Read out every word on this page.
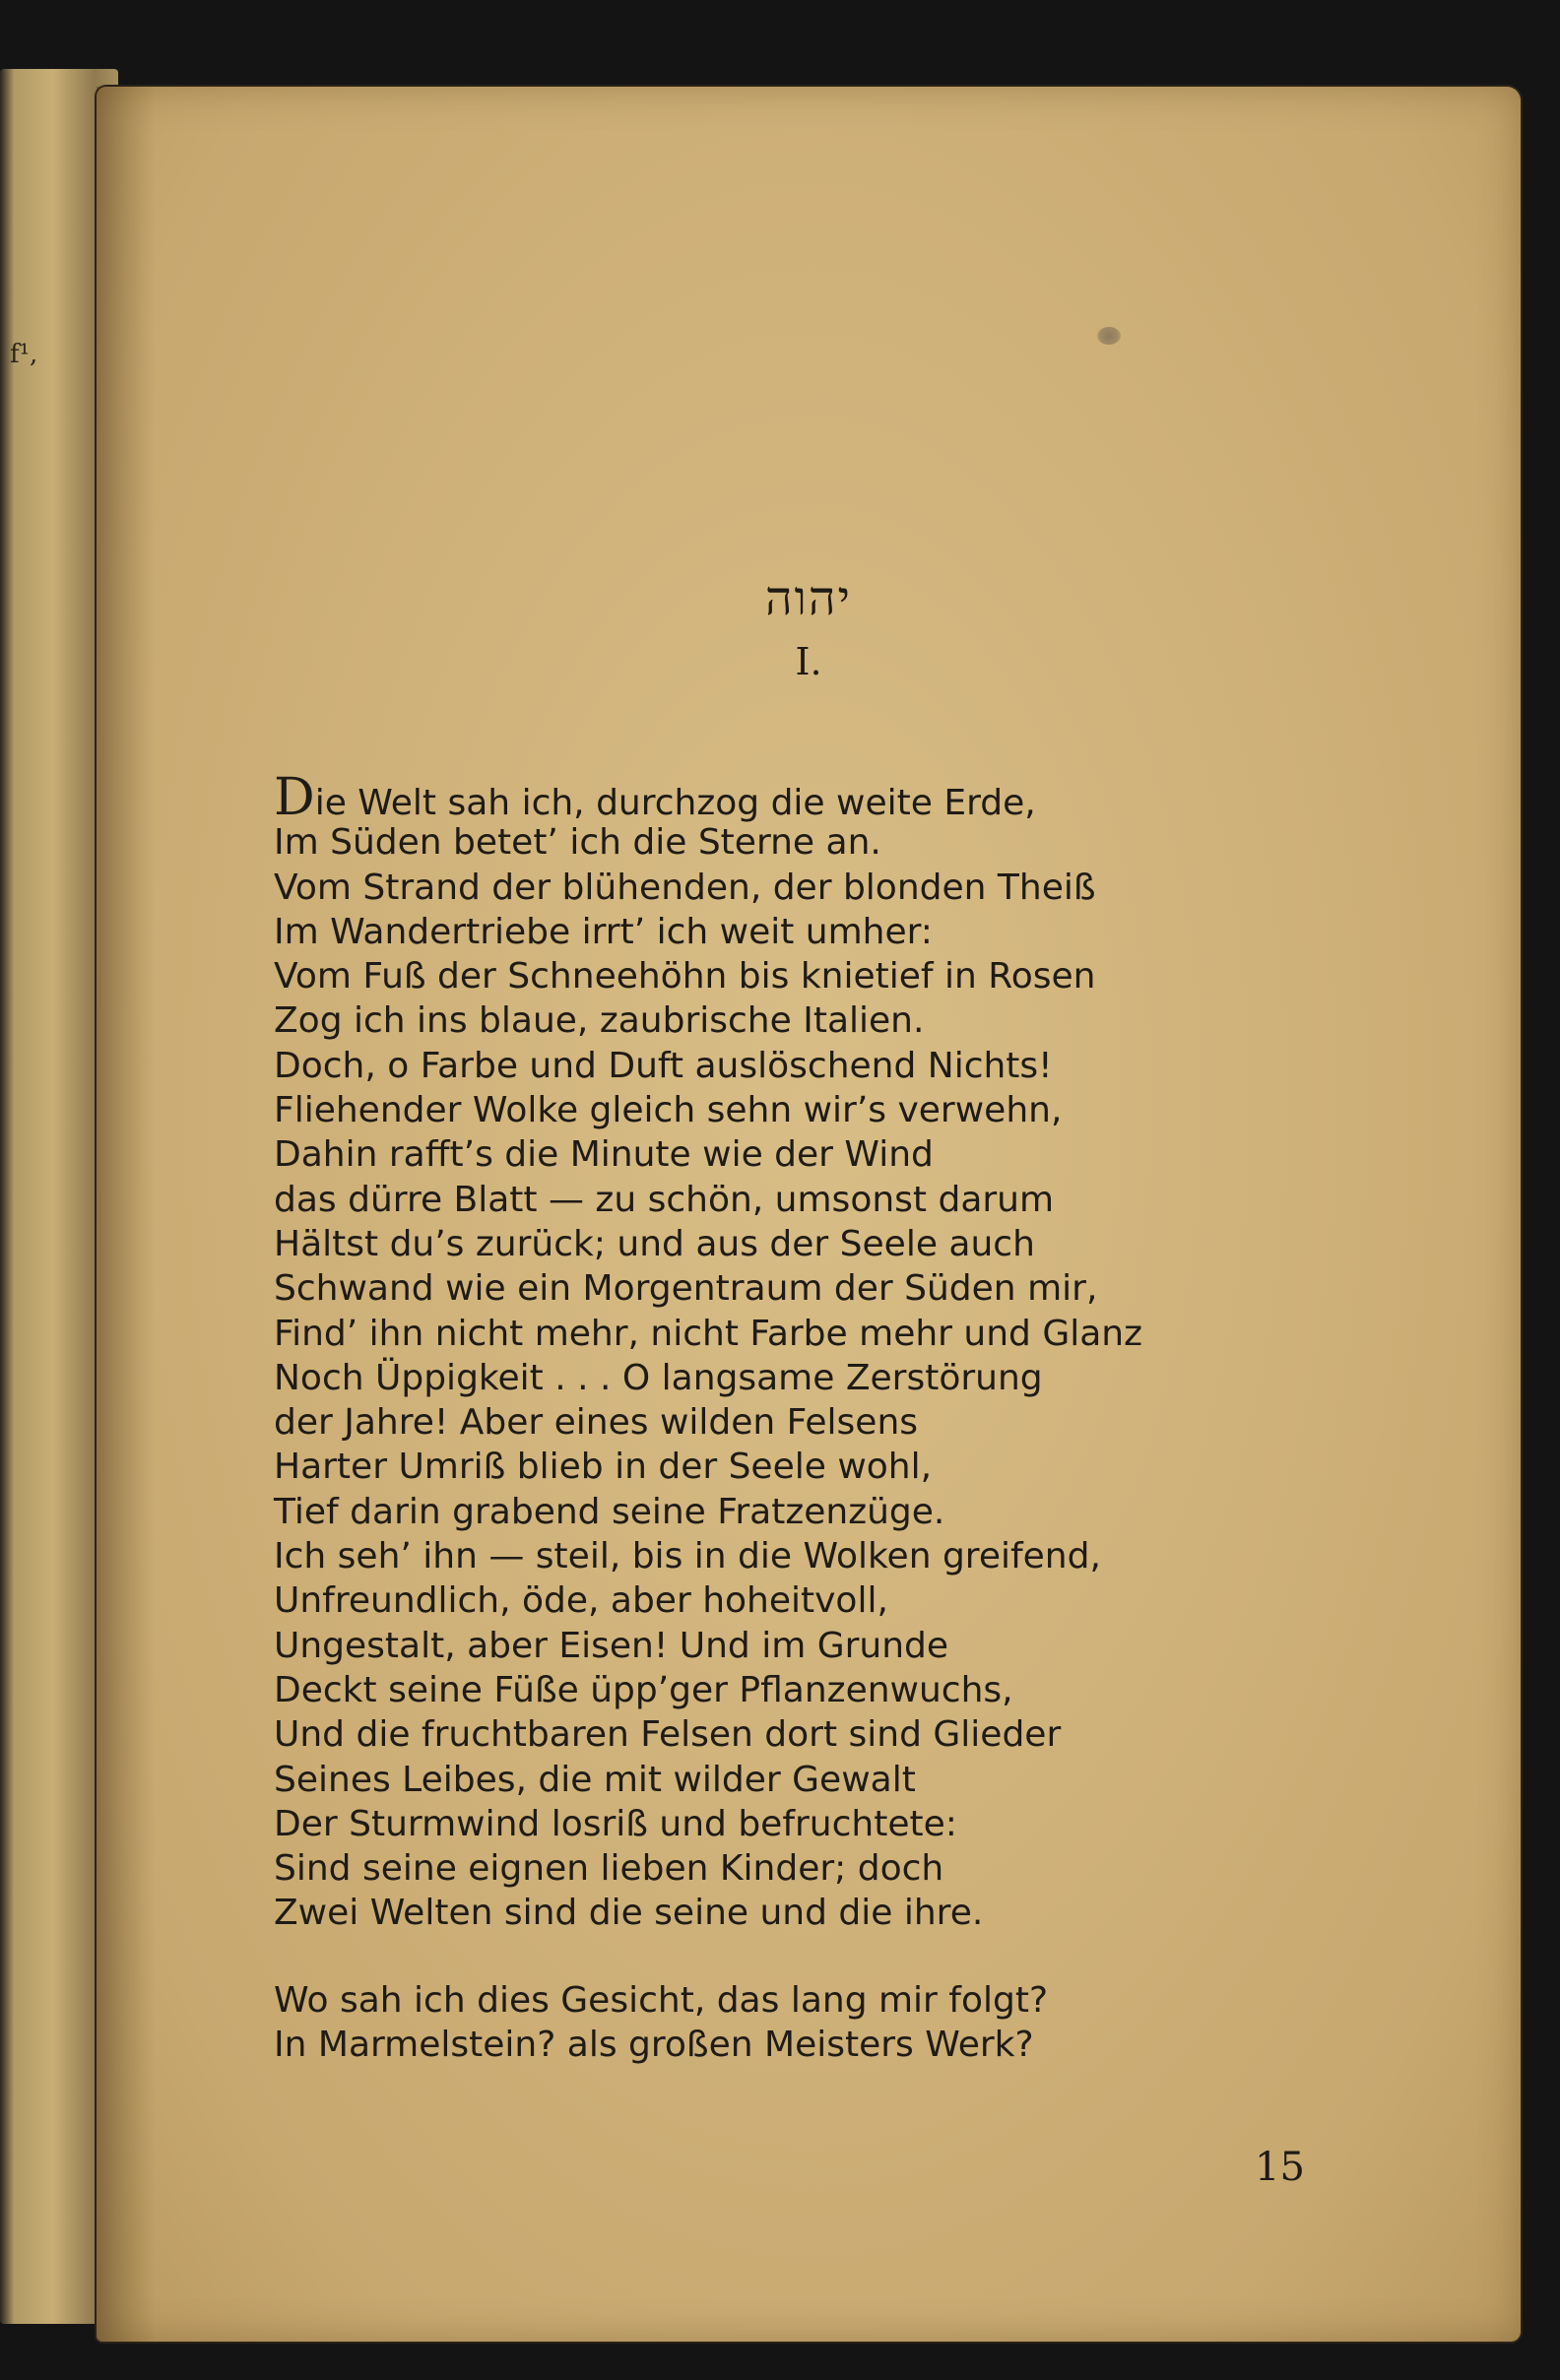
f¹,
יהוה
I.
Die Welt sah ich, durchzog die weite Erde,
Im Süden betet’ ich die Sterne an.
Vom Strand der blühenden, der blonden Theiß
Im Wandertriebe irrt’ ich weit umher:
Vom Fuß der Schneehöhn bis knietief in Rosen
Zog ich ins blaue, zaubrische Italien.
Doch, o Farbe und Duft auslöschend Nichts!
Fliehender Wolke gleich sehn wir’s verwehn,
Dahin rafft’s die Minute wie der Wind
das dürre Blatt — zu schön, umsonst darum
Hältst du’s zurück; und aus der Seele auch
Schwand wie ein Morgentraum der Süden mir,
Find’ ihn nicht mehr, nicht Farbe mehr und Glanz
Noch Üppigkeit . . . O langsame Zerstörung
der Jahre! Aber eines wilden Felsens
Harter Umriß blieb in der Seele wohl,
Tief darin grabend seine Fratzenzüge.
Ich seh’ ihn — steil, bis in die Wolken greifend,
Unfreundlich, öde, aber hoheitvoll,
Ungestalt, aber Eisen! Und im Grunde
Deckt seine Füße üpp’ger Pflanzenwuchs,
Und die fruchtbaren Felsen dort sind Glieder
Seines Leibes, die mit wilder Gewalt
Der Sturmwind losriß und befruchtete:
Sind seine eignen lieben Kinder; doch
Zwei Welten sind die seine und die ihre.
Wo sah ich dies Gesicht, das lang mir folgt?
In Marmelstein? als großen Meisters Werk?
15
